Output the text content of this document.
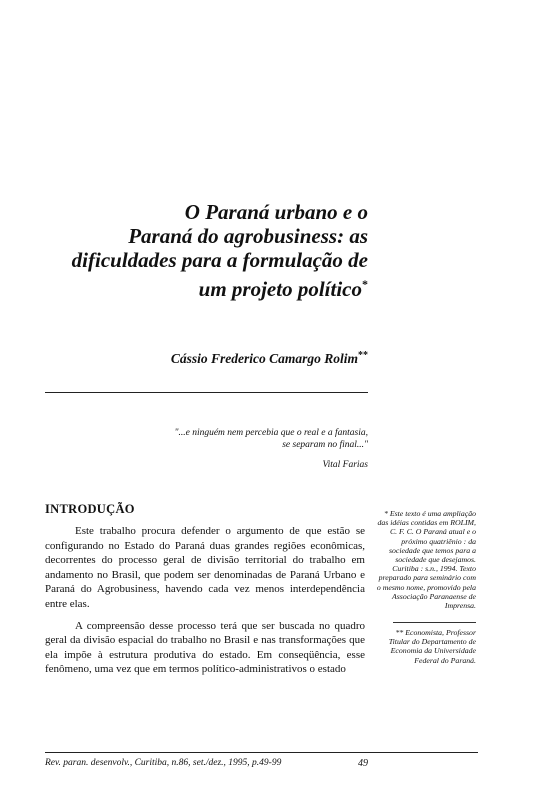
O Paraná urbano e o
Paraná do agrobusiness: as
dificuldades para a formulação de
um projeto político*
Cássio Frederico Camargo Rolim**
"...e ninguém nem percebia que o real e a fantasia,
se separam no final..."
Vital Farias
INTRODUÇÃO

Este trabalho procura defender o argumento de que estão se configurando no Estado do Paraná duas grandes regiões econômicas, decorrentes do processo geral de divisão territorial do trabalho em andamento no Brasil, que podem ser denominadas de Paraná Urbano e Paraná do Agrobusiness, havendo cada vez menos interdependência entre elas.

A compreensão desse processo terá que ser buscada no quadro geral da divisão espacial do trabalho no Brasil e nas transformações que ela impõe à estrutura produtiva do estado. Em conseqüência, esse fenômeno, uma vez que em termos político-administrativos o estado

* Este texto é uma ampliação das idéias contidas em ROLIM, C. F. C. O Paraná atual e o próximo quatriênio : da sociedade que temos para a sociedade que desejamos. Curitiba : s.n., 1994. Texto preparado para seminário com o mesmo nome, promovido pela Associação Paranaense de Imprensa.
** Economista, Professor Titular do Departamento de Economia da Universidade Federal do Paraná.
Rev. paran. desenvolv., Curitiba, n.86, set./dez., 1995, p.49-99	49
